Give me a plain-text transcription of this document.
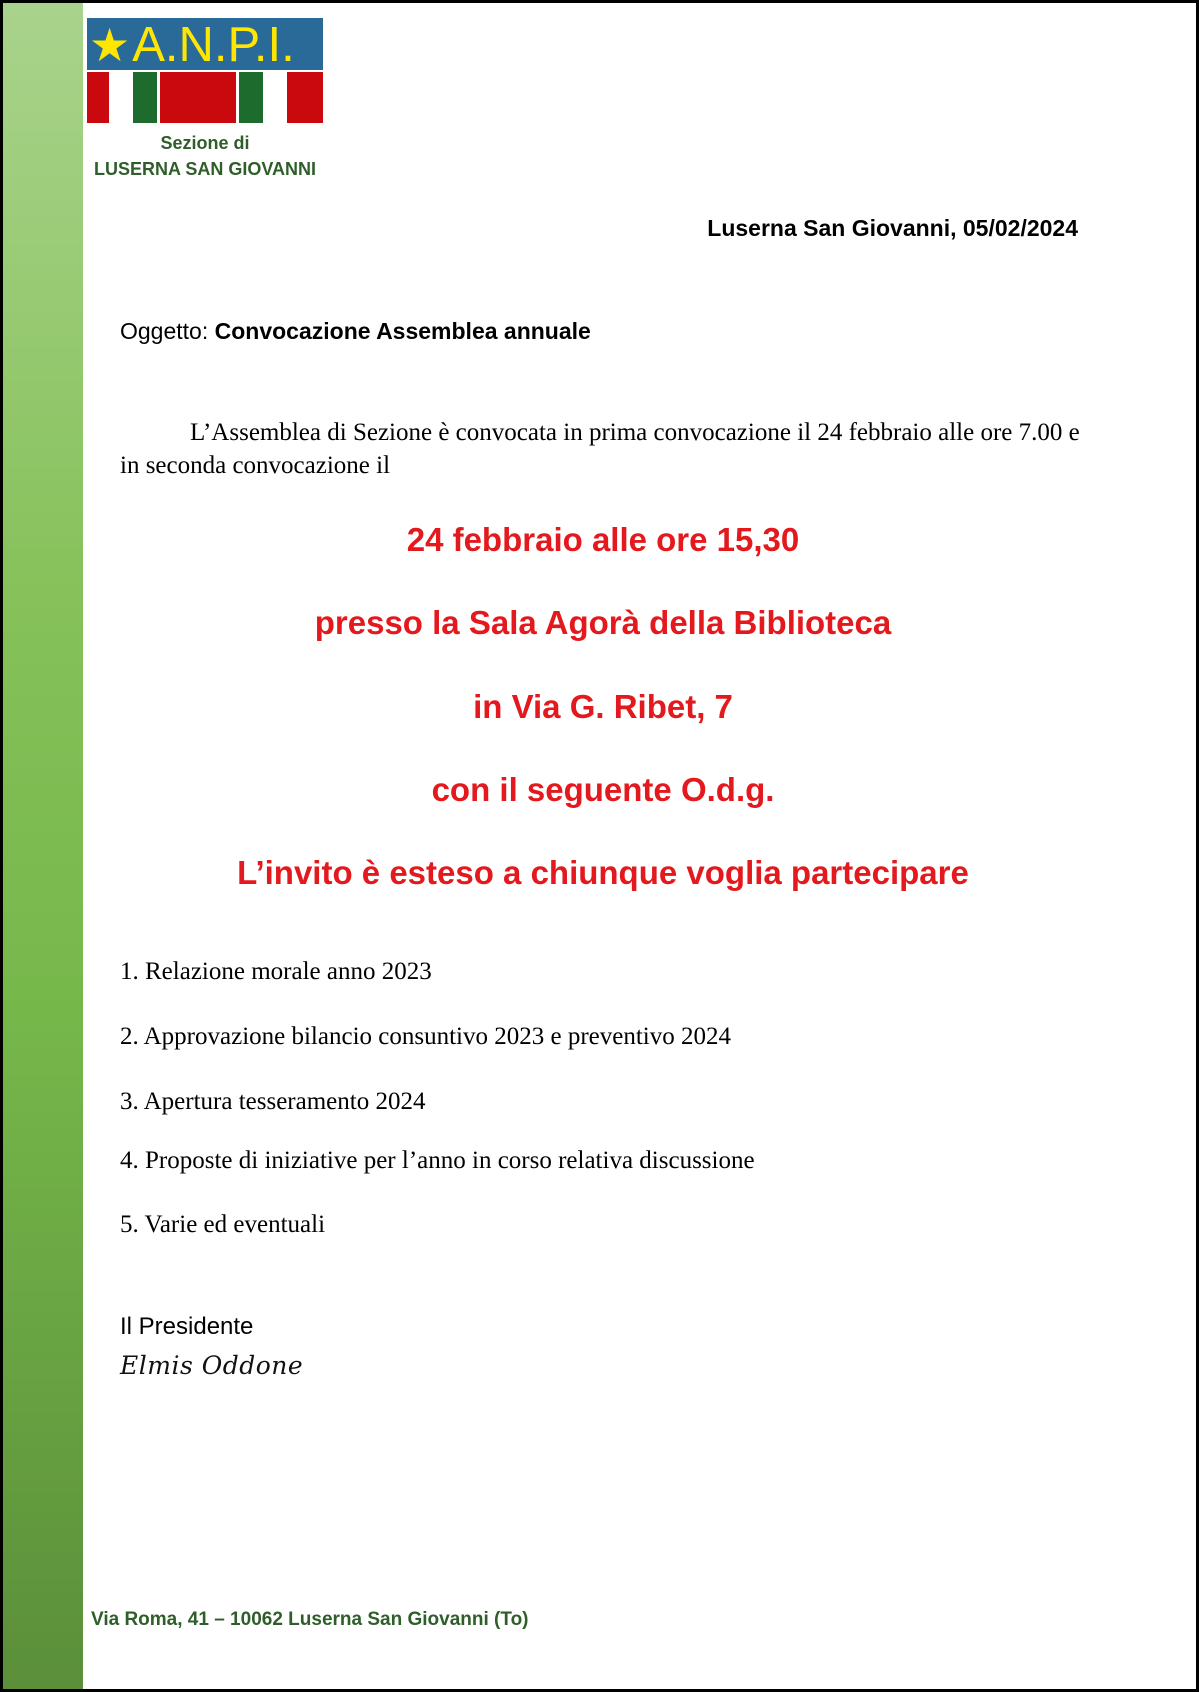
★A.N.P.I.
Sezione di
LUSERNA SAN GIOVANNI
Luserna San Giovanni, 05/02/2024
Oggetto: Convocazione Assemblea annuale
L’Assemblea di Sezione è convocata in prima convocazione il 24 febbraio alle ore 7.00 e in seconda convocazione il
24 febbraio alle ore 15,30
presso la Sala Agorà della Biblioteca
in Via G. Ribet, 7
con il seguente O.d.g.
L’invito è esteso a chiunque voglia partecipare
1. Relazione morale anno 2023
2. Approvazione bilancio consuntivo 2023 e preventivo 2024
3. Apertura tesseramento 2024
4. Proposte di iniziative per l’anno in corso relativa discussione
5. Varie ed eventuali
Il Presidente
Elmis Oddone
Via Roma, 41 – 10062 Luserna San Giovanni (To)
